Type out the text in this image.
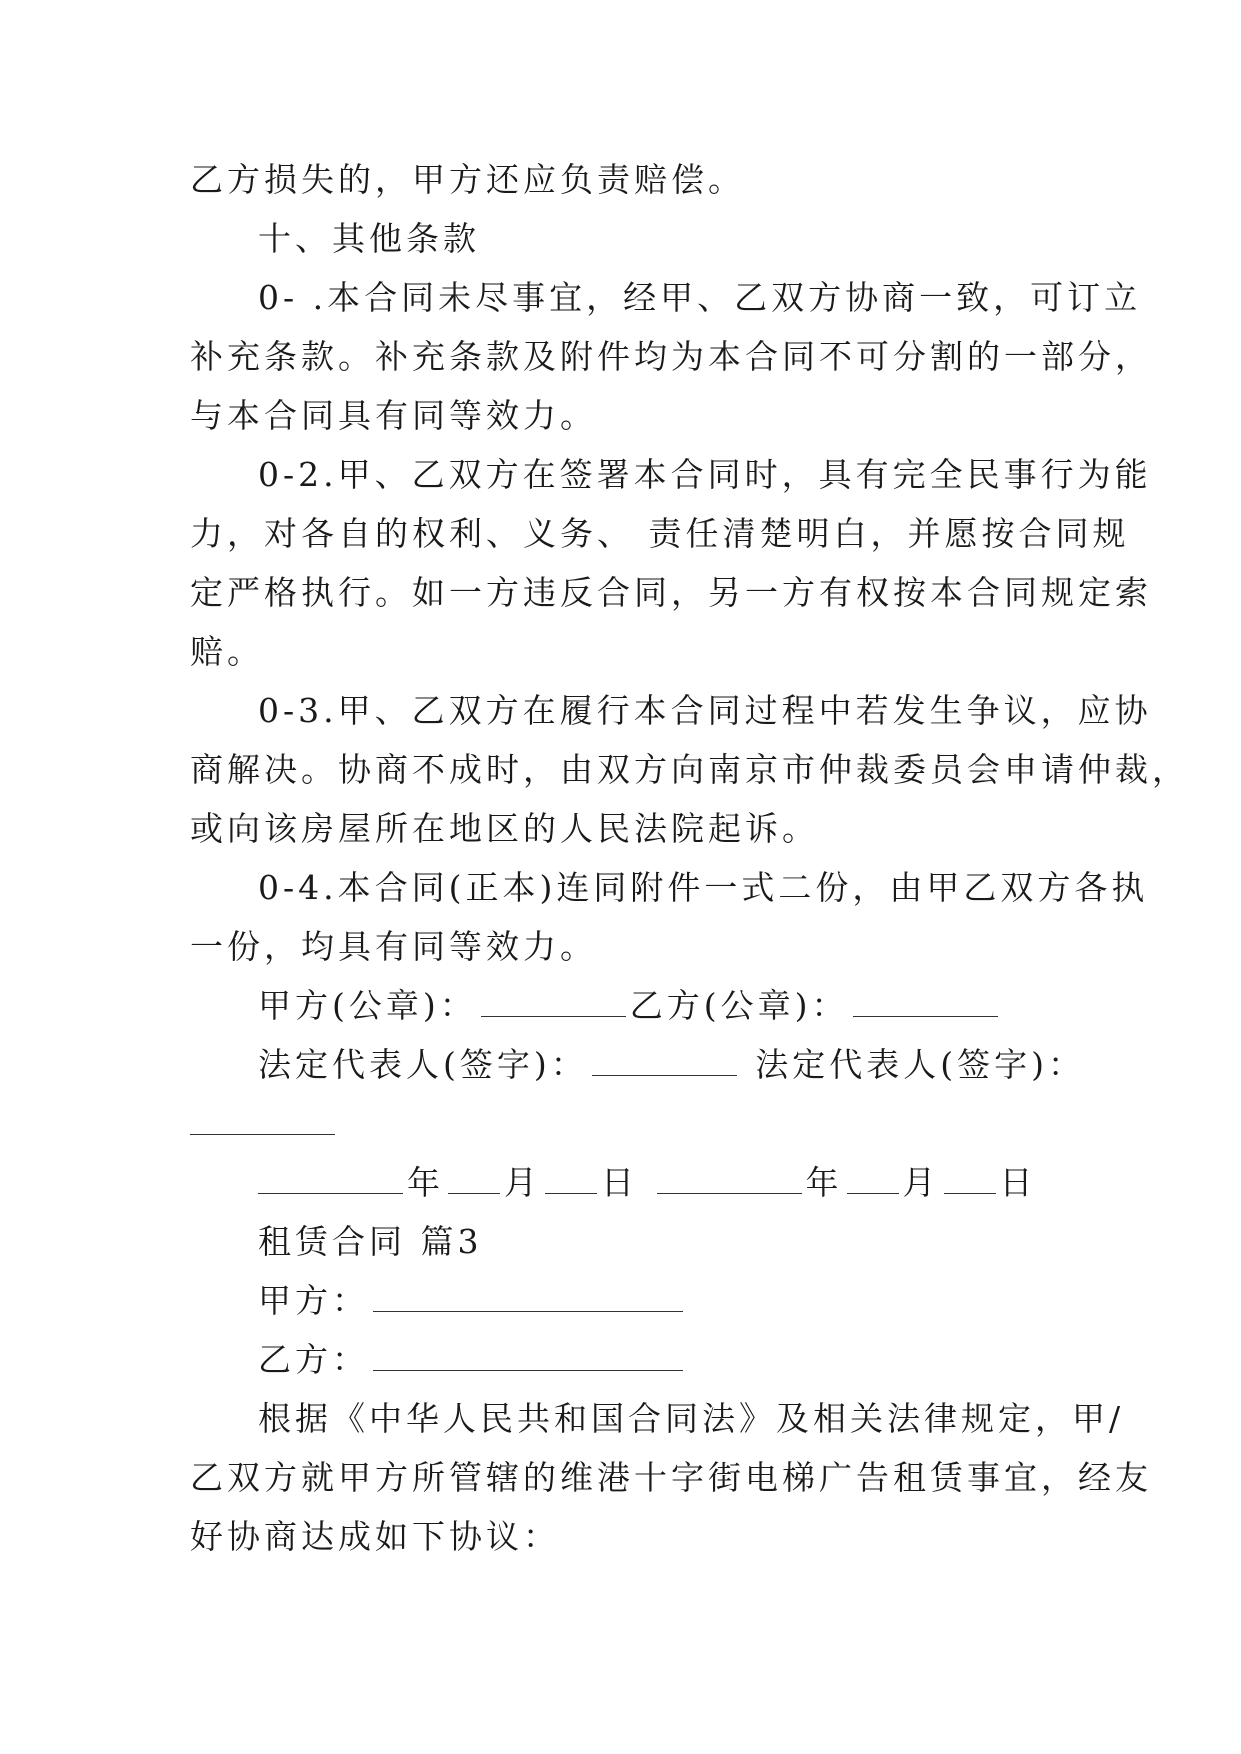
乙方损失的，甲方还应负责赔偿。
十、其他条款
0- .本合同未尽事宜，经甲、乙双方协商一致，可订立
补充条款。补充条款及附件均为本合同不可分割的一部分，
与本合同具有同等效力。
0-2.甲、乙双方在签署本合同时，具有完全民事行为能
力，对各自的权利、义务、 责任清楚明白，并愿按合同规
定严格执行。如一方违反合同，另一方有权按本合同规定索
赔。
0-3.甲、乙双方在履行本合同过程中若发生争议，应协
商解决。协商不成时，由双方向南京市仲裁委员会申请仲裁，
或向该房屋所在地区的人民法院起诉。
0-4.本合同(正本)连同附件一式二份，由甲乙双方各执
一份，均具有同等效力。
甲方(公章)：	乙方(公章)：
法定代表人(签字)：	法定代表人(签字)：
年 月 日	年 月 日
租赁合同 篇3
甲方：
乙方：
根据《中华人民共和国合同法》及相关法律规定，甲/
乙双方就甲方所管辖的维港十字街电梯广告租赁事宜，经友
好协商达成如下协议：
